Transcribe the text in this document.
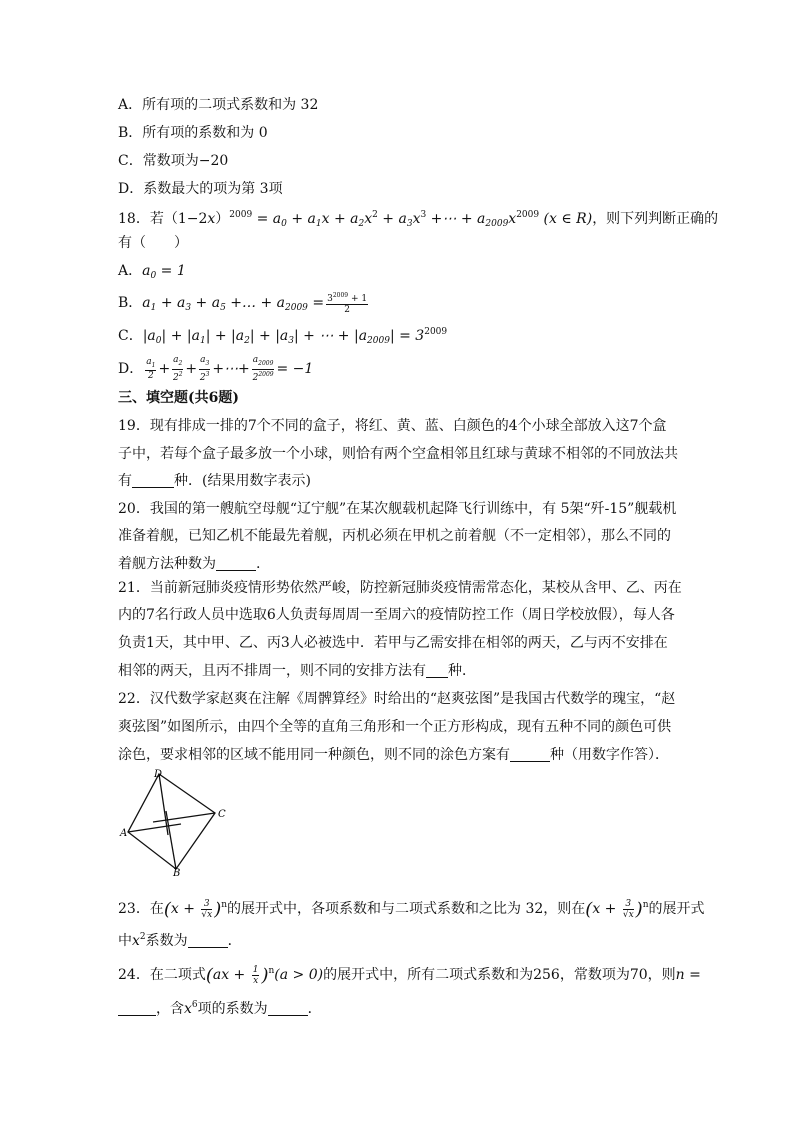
A．所有项的二项式系数和为 32
B．所有项的系数和为 0
C．常数项为−20
D．系数最大的项为第 3项
18．若$(1-2x)^{2009} = a_0 + a_1x + a_2x^2 + a_3x^3$ +⋯ + $a_{2009}x^{2009}$ (x ∈ R)，则下列判断正确的
有（　　）
A．$a_0 = 1$
B．$a_1 + a_3 + a_5$ +… + $a_{2009} = \frac{3^{2009} + 1}{2}$
C．$|a_0| + |a_1| + |a_2| + |a_3|$ + ⋯ + $|a_{2009}| = 3^{2009}$
D． $\frac{a_1}{2} + \frac{a_2}{2^2} + \frac{a_3}{2^3}$ +⋯+ $\frac{a_{2009}}{2^{2009}} = -1$
三、填空题(共6题)
19．现有排成一排的7个不同的盒子，将红、黄、蓝、白颜色的4个小球全部放入这7个盒
子中，若每个盒子最多放一个小球，则恰有两个空盒相邻且红球与黄球不相邻的不同放法共
有	种．(结果用数字表示)
20．我国的第一艘航空母舰“辽宁舰”在某次舰载机起降飞行训练中，有 5架“歼-15”舰载机
准备着舰，已知乙机不能最先着舰，丙机必须在甲机之前着舰（不一定相邻），那么不同的
着舰方法种数为	.
21．当前新冠肺炎疫情形势依然严峻，防控新冠肺炎疫情需常态化，某校从含甲、乙、丙在
内的7名行政人员中选取6人负责每周周一至周六的疫情防控工作（周日学校放假），每人各
负责1天，其中甲、乙、丙3人必被选中．若甲与乙需安排在相邻的两天，乙与丙不安排在
相邻的两天，且丙不排周一，则不同的安排方法有 种．
22．汉代数学家赵爽在注解《周髀算经》时给出的“赵爽弦图”是我国古代数学的瑰宝，“赵
爽弦图”如图所示，由四个全等的直角三角形和一个正方形构成，现有五种不同的颜色可供
涂色，要求相邻的区域不能用同一种颜色，则不同的涂色方案有	种（用数字作答）．
D
C
A
B
23．在$(x + \frac{3}{√x} )^n$的展开式中，各项系数和与二项式系数和之比为 32，则在$(x + \frac{3}{√x} )^n$的展开式
中$x^2$系数为	．
24．在二项式$(ax + \frac{1}{x} )^n(a > 0)$的展开式中，所有二项式系数和为256，常数项为70，则n =
，含$x^6$项的系数为	．
